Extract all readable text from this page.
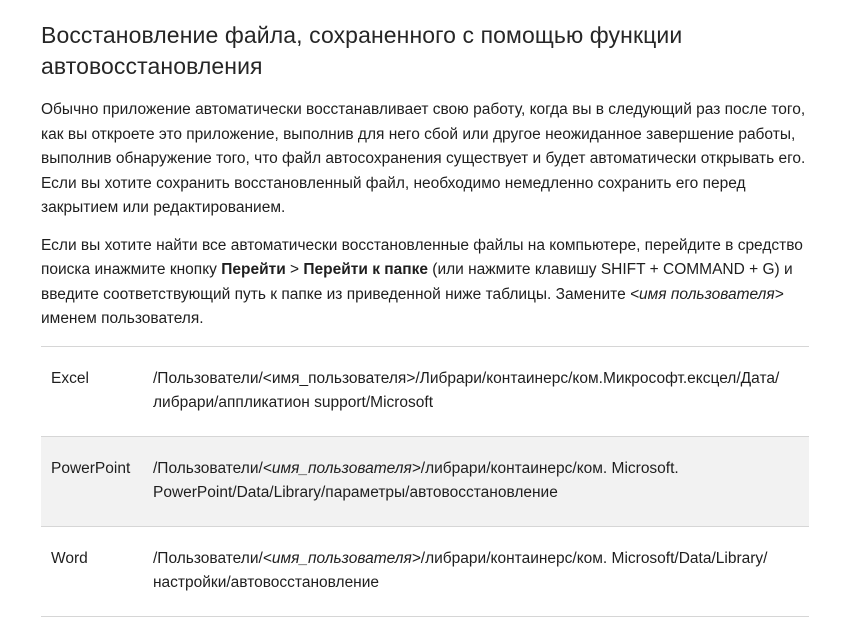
Восстановление файла, сохраненного с помощью функции автовосстановления

Обычно приложение автоматически восстанавливает свою работу, когда вы в следующий раз после того, как вы откроете это приложение, выполнив для него сбой или другое неожиданное завершение работы, выполнив обнаружение того, что файл автосохранения существует и будет автоматически открывать его. Если вы хотите сохранить восстановленный файл, необходимо немедленно сохранить его перед закрытием или редактированием.

Если вы хотите найти все автоматически восстановленные файлы на компьютере, перейдите в средство поиска инажмите кнопку Перейти > Перейти к папке (или нажмите клавишу SHIFT + COMMAND + G) и введите соответствующий путь к папке из приведенной ниже таблицы. Замените <имя пользователя> именем пользователя.

Excel	/Пользователи/<имя_пользователя>/Либрари/контаинерс/ком.Микрософт.ексцел/Дата/либрари/аппликатион support/Microsoft
PowerPoint	/Пользователи/<имя_пользователя>/либрари/контаинерс/ком. Microsoft. PowerPoint/Data/Library/параметры/автовосстановление
Word	/Пользователи/<имя_пользователя>/либрари/контаинерс/ком. Microsoft/Data/Library/настройки/автовосстановление
